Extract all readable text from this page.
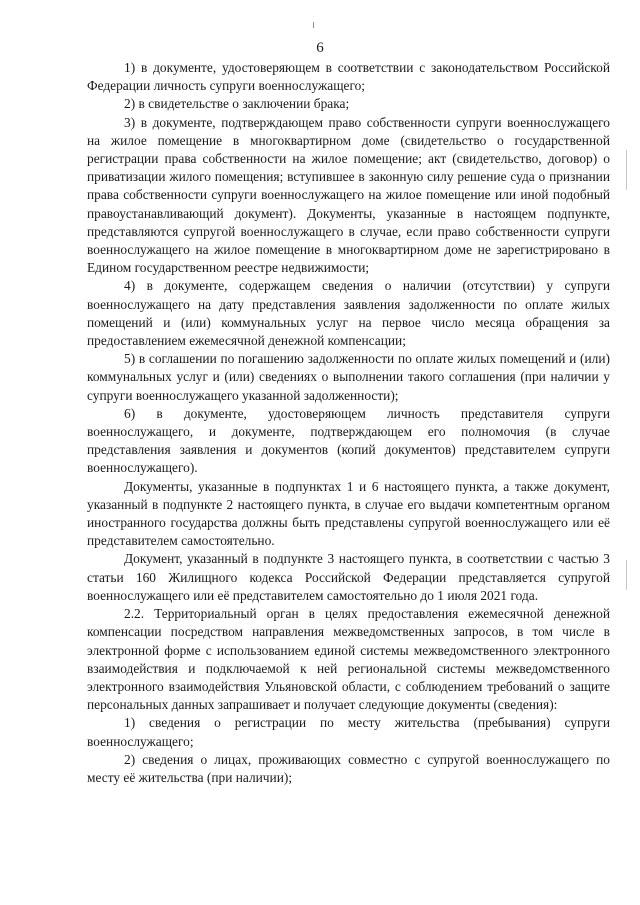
6

1) в документе, удостоверяющем в соответствии с законодательством Российской Федерации личность супруги военнослужащего;

2) в свидетельстве о заключении брака;

3) в документе, подтверждающем право собственности супруги военнослужащего на жилое помещение в многоквартирном доме (свидетельство о государственной регистрации права собственности на жилое помещение; акт (свидетельство, договор) о приватизации жилого помещения; вступившее в законную силу решение суда о признании права собственности супруги военнослужащего на жилое помещение или иной подобный правоустанавливающий документ). Документы, указанные в настоящем подпункте, представляются супругой военнослужащего в случае, если право собственности супруги военнослужащего на жилое помещение в многоквартирном доме не зарегистрировано в Едином государственном реестре недвижимости;

4) в документе, содержащем сведения о наличии (отсутствии) у супруги военнослужащего на дату представления заявления задолженности по оплате жилых помещений и (или) коммунальных услуг на первое число месяца обращения за предоставлением ежемесячной денежной компенсации;

5) в соглашении по погашению задолженности по оплате жилых помещений и (или) коммунальных услуг и (или) сведениях о выполнении такого соглашения (при наличии у супруги военнослужащего указанной задолженности);

6) в документе, удостоверяющем личность представителя супруги военнослужащего, и документе, подтверждающем его полномочия (в случае представления заявления и документов (копий документов) представителем супруги военнослужащего).

Документы, указанные в подпунктах 1 и 6 настоящего пункта, а также документ, указанный в подпункте 2 настоящего пункта, в случае его выдачи компетентным органом иностранного государства должны быть представлены супругой военнослужащего или её представителем самостоятельно.

Документ, указанный в подпункте 3 настоящего пункта, в соответствии с частью 3 статьи 160 Жилищного кодекса Российской Федерации представляется супругой военнослужащего или её представителем самостоятельно до 1 июля 2021 года.

2.2. Территориальный орган в целях предоставления ежемесячной денежной компенсации посредством направления межведомственных запросов, в том числе в электронной форме с использованием единой системы межведомственного электронного взаимодействия и подключаемой к ней региональной системы межведомственного электронного взаимодействия Ульяновской области, с соблюдением требований о защите персональных данных запрашивает и получает следующие документы (сведения):

1) сведения о регистрации по месту жительства (пребывания) супруги военнослужащего;

2) сведения о лицах, проживающих совместно с супругой военнослужащего по месту её жительства (при наличии);
